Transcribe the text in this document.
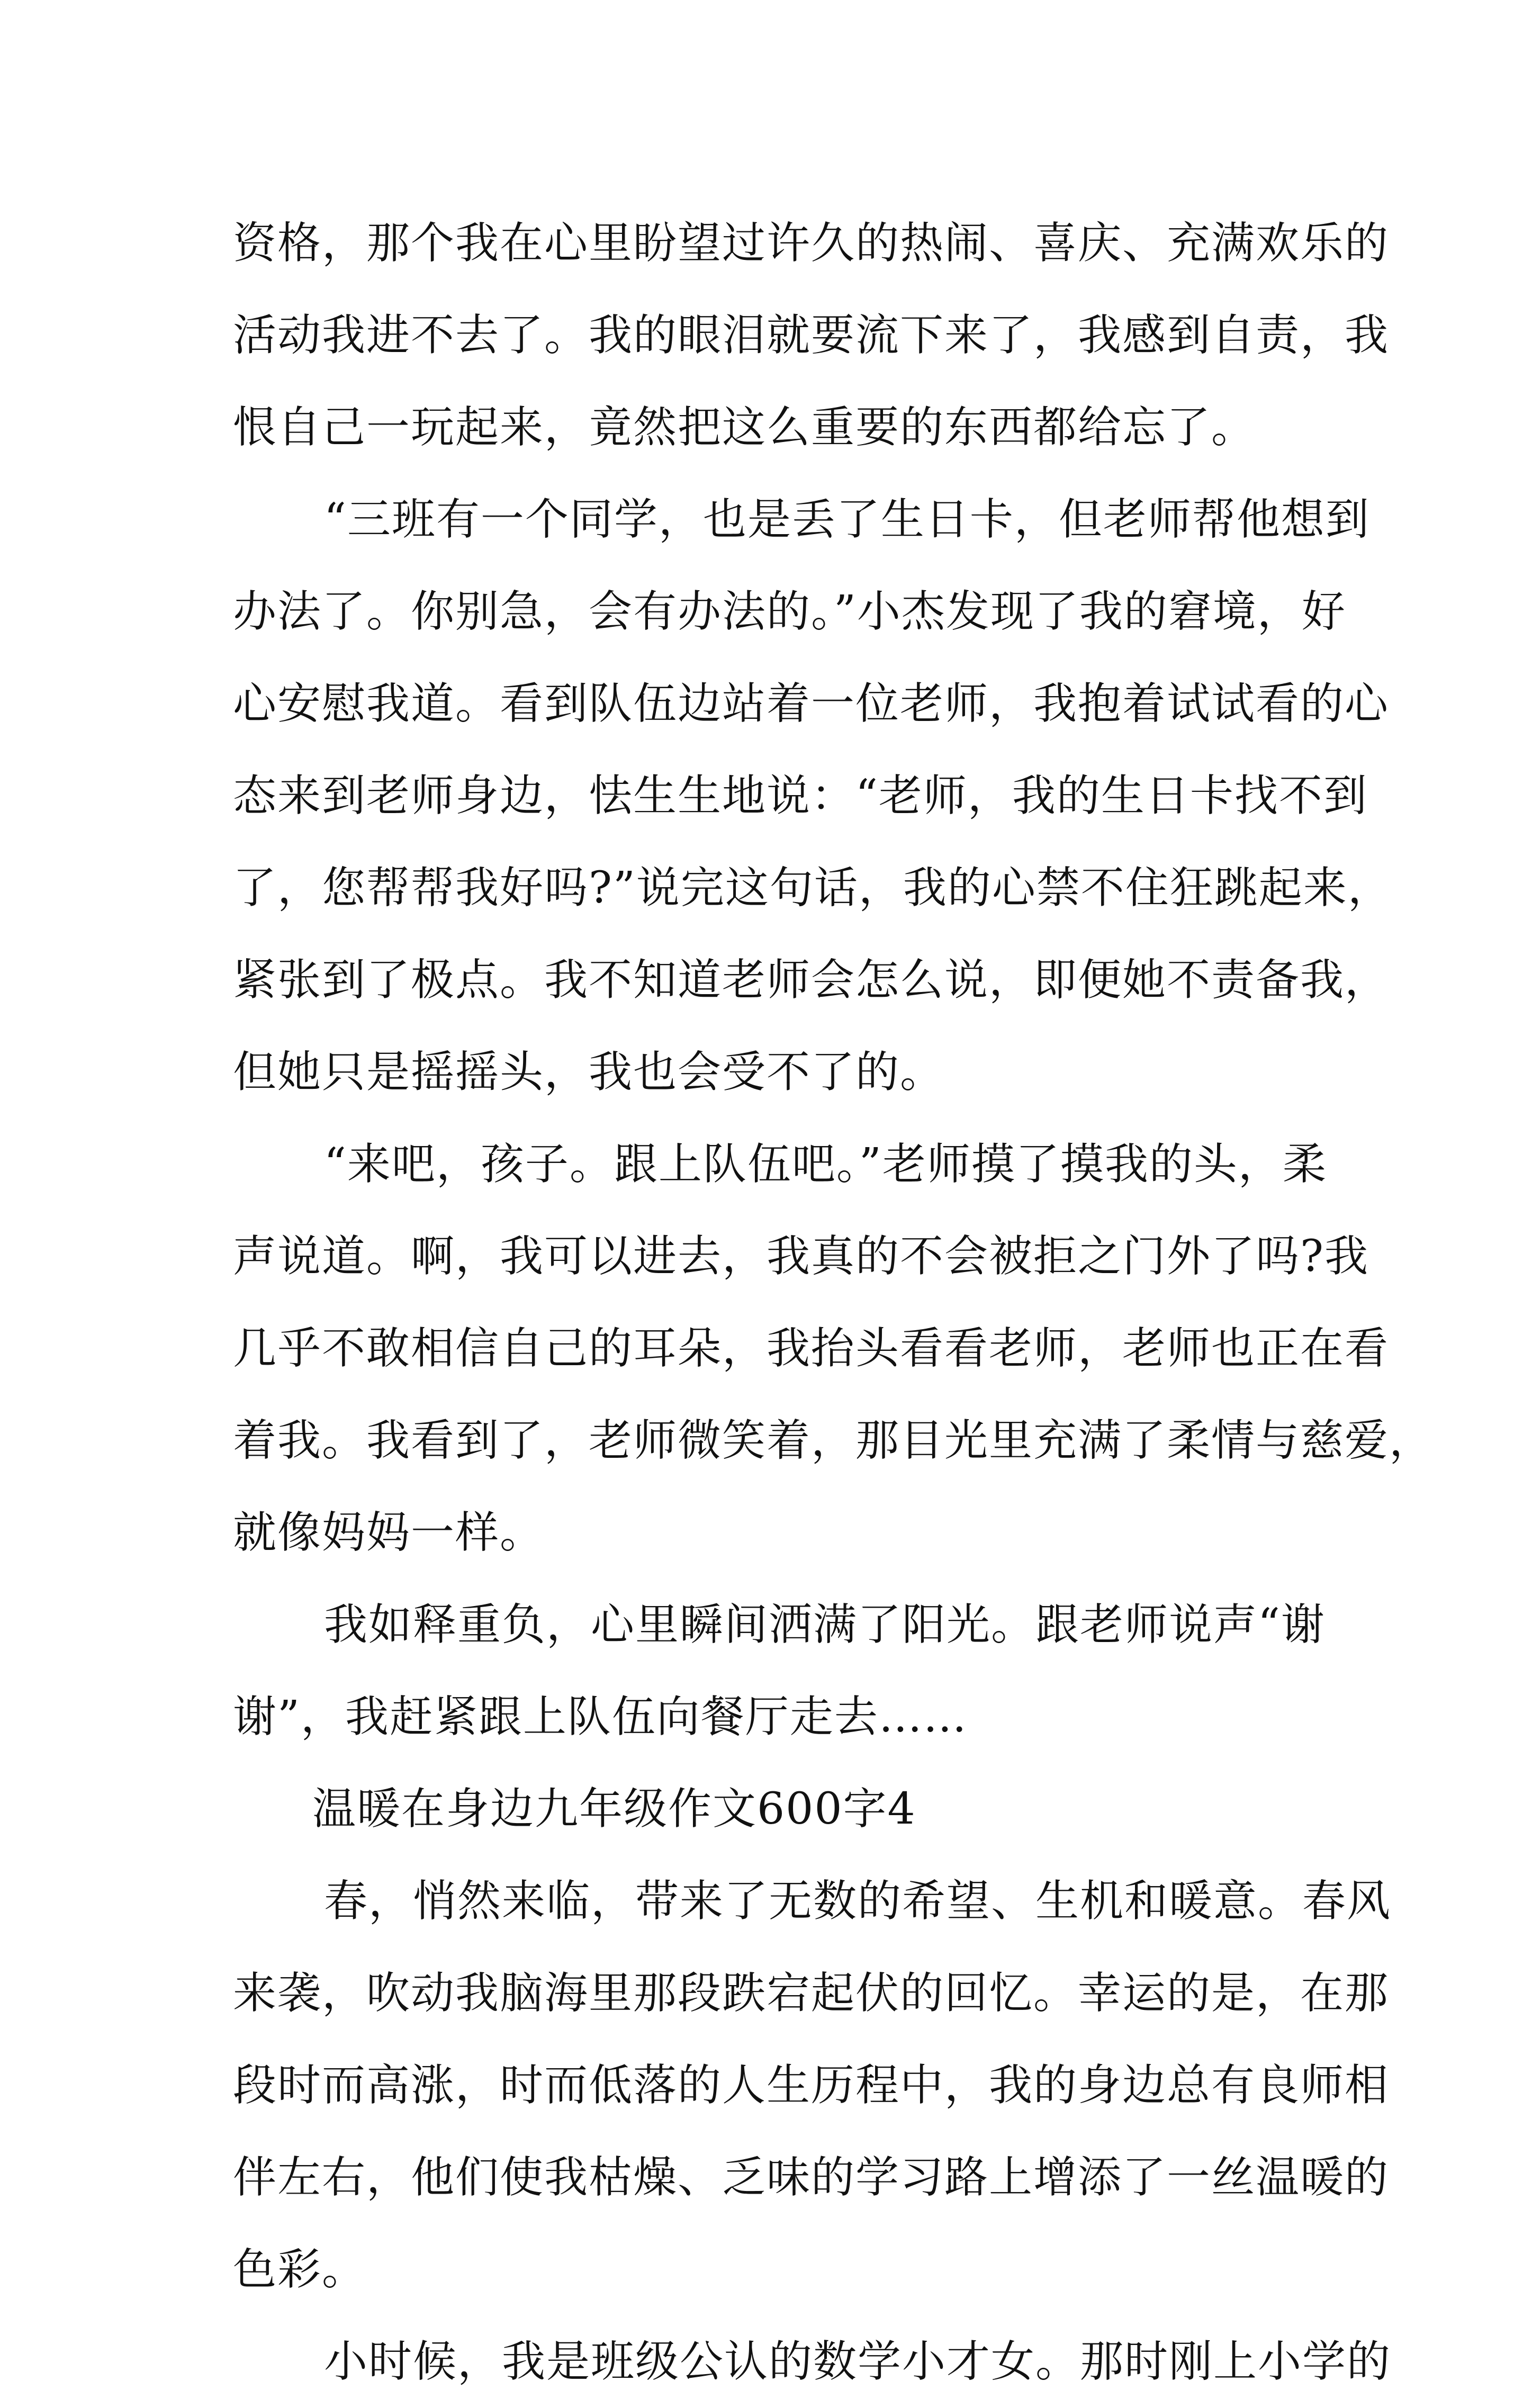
资格，那个我在心里盼望过许久的热闹、喜庆、充满欢乐的
活动我进不去了。我的眼泪就要流下来了，我感到自责，我
恨自己一玩起来，竟然把这么重要的东西都给忘了。
“三班有一个同学，也是丢了生日卡，但老师帮他想到
办法了。你别急，会有办法的。”小杰发现了我的窘境，好
心安慰我道。看到队伍边站着一位老师，我抱着试试看的心
态来到老师身边，怯生生地说：“老师，我的生日卡找不到
了，您帮帮我好吗?”说完这句话，我的心禁不住狂跳起来，
紧张到了极点。我不知道老师会怎么说，即便她不责备我，
但她只是摇摇头，我也会受不了的。
“来吧，孩子。跟上队伍吧。”老师摸了摸我的头，柔
声说道。啊，我可以进去，我真的不会被拒之门外了吗?我
几乎不敢相信自己的耳朵，我抬头看看老师，老师也正在看
着我。我看到了，老师微笑着，那目光里充满了柔情与慈爱，
就像妈妈一样。
我如释重负，心里瞬间洒满了阳光。跟老师说声“谢
谢”，我赶紧跟上队伍向餐厅走去……
温暖在身边九年级作文600字4
春，悄然来临，带来了无数的希望、生机和暖意。春风
来袭，吹动我脑海里那段跌宕起伏的回忆。幸运的是，在那
段时而高涨，时而低落的人生历程中，我的身边总有良师相
伴左右，他们使我枯燥、乏味的学习路上增添了一丝温暖的
色彩。
小时候，我是班级公认的数学小才女。那时刚上小学的
